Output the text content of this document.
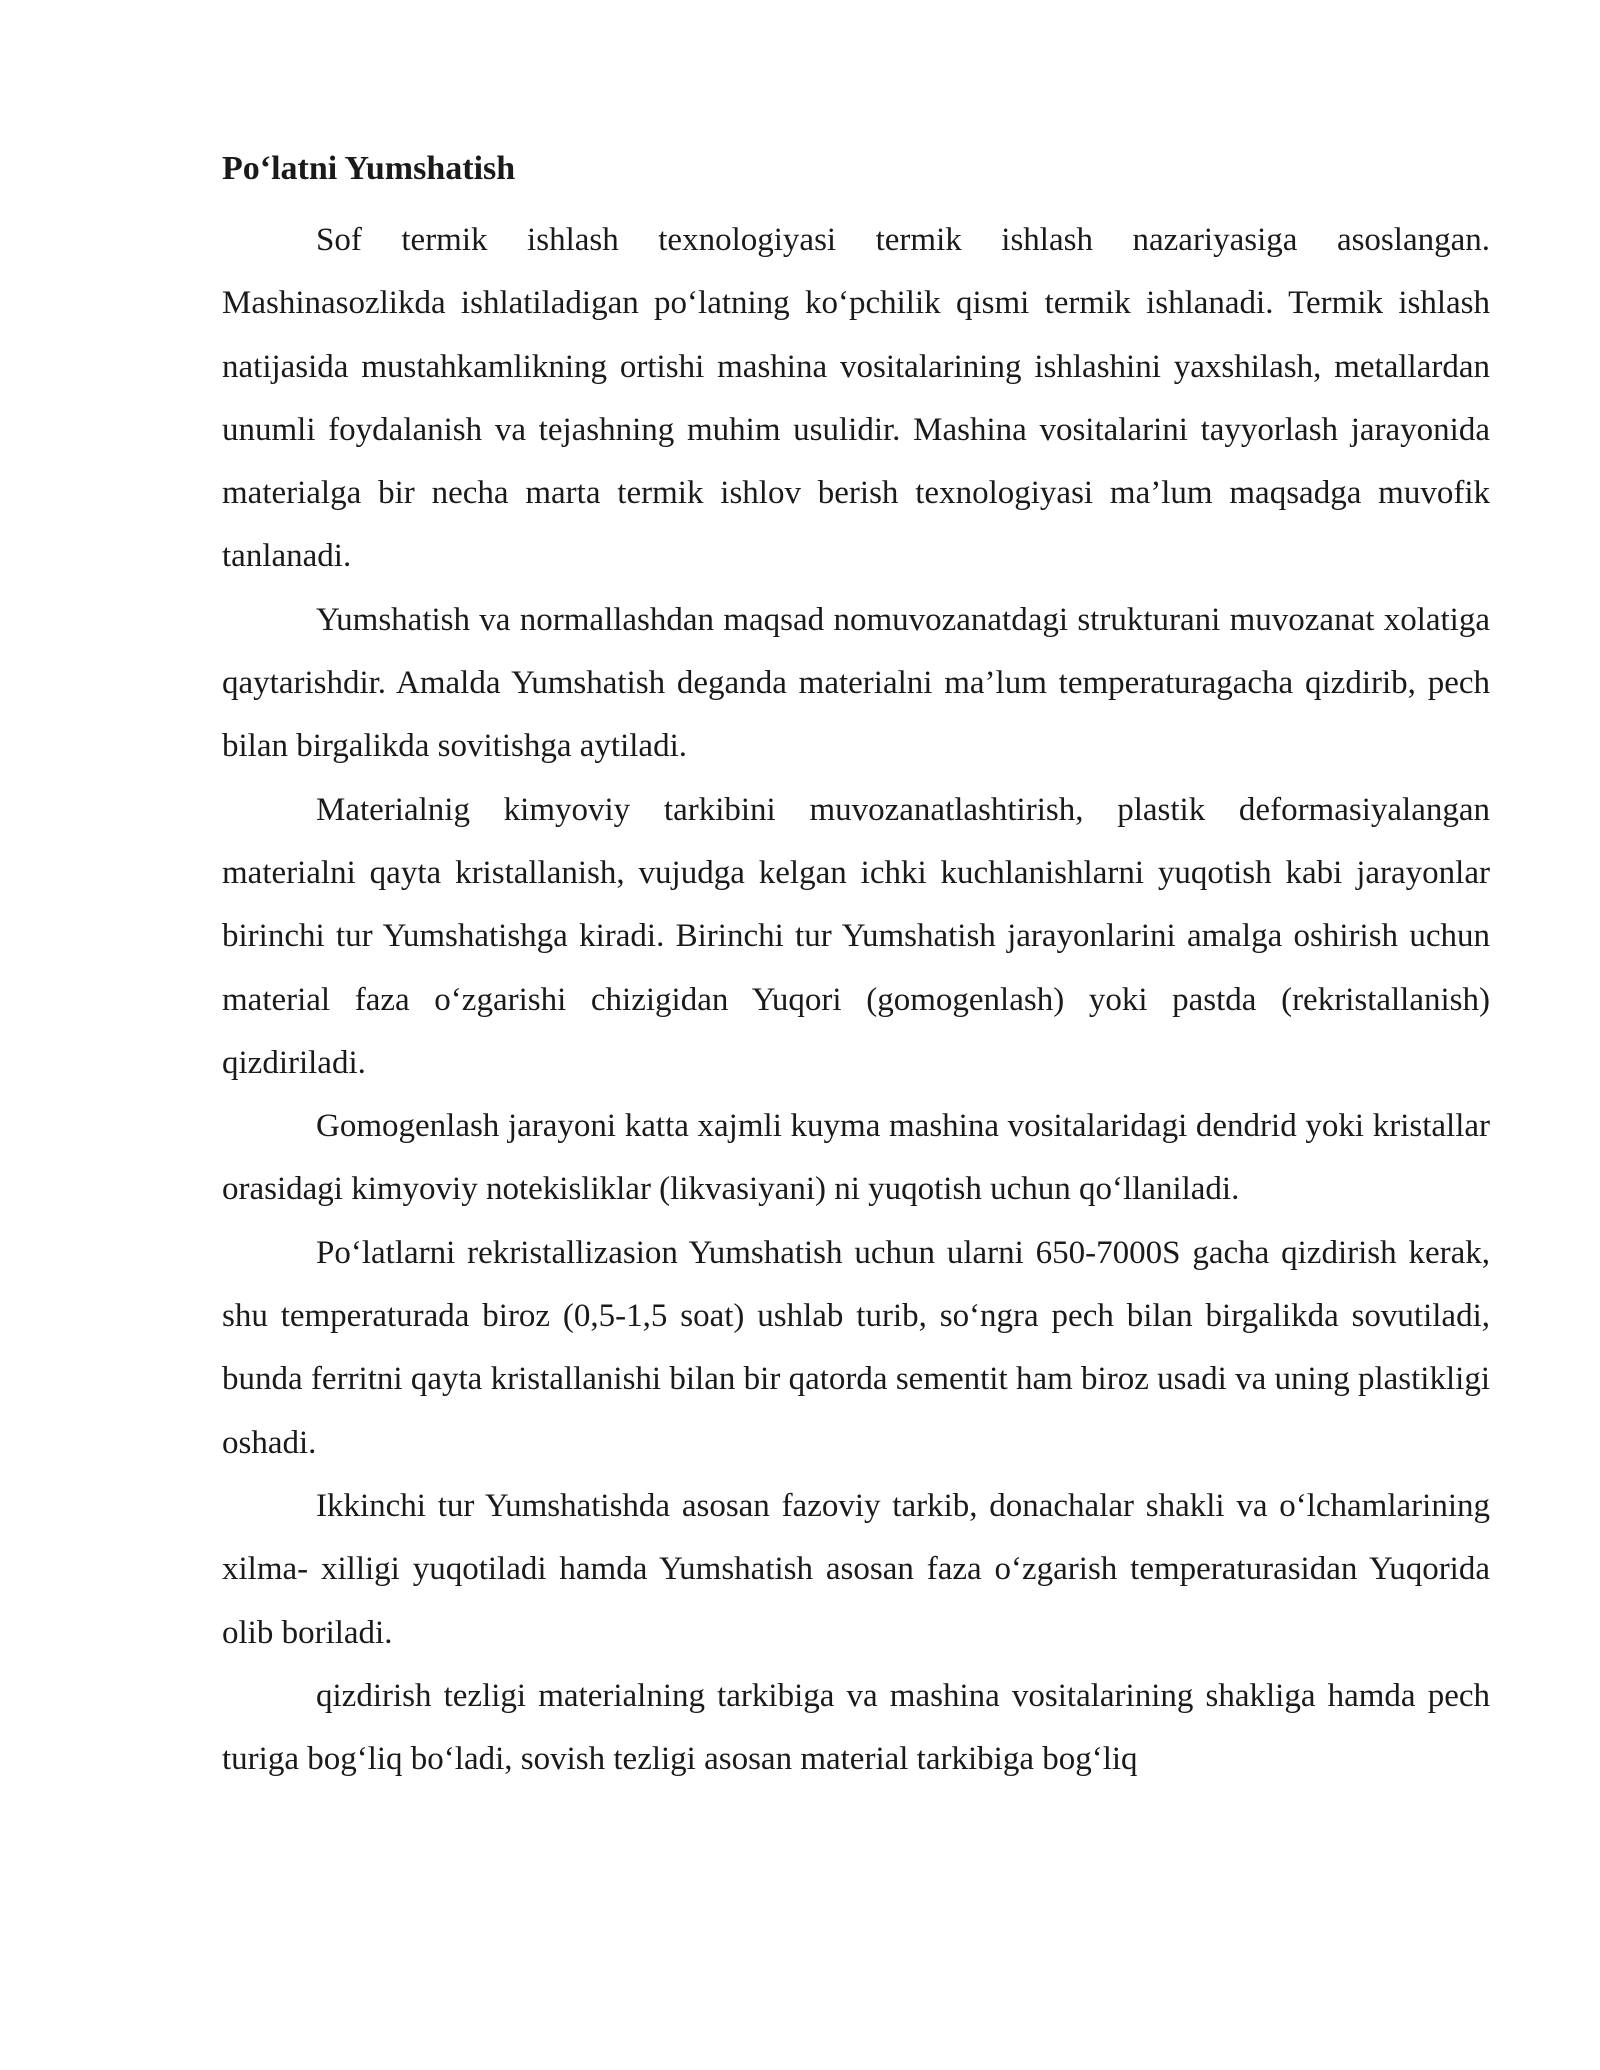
Po‘latni Yumshatish

Sof termik ishlash texnologiyasi termik ishlash nazariyasiga asoslangan. Mashinasozlikda ishlatiladigan po‘latning ko‘pchilik qismi termik ishlanadi. Termik ishlash natijasida mustahkamlikning ortishi mashina vositalarining ishlashini yaxshilash, metallardan unumli foydalanish va tejashning muhim usulidir. Mashina vositalarini tayyorlash jarayonida materialga bir necha marta termik ishlov berish texnologiyasi ma’lum maqsadga muvofik tanlanadi.

Yumshatish va normallashdan maqsad nomuvozanatdagi strukturani muvozanat xolatiga qaytarishdir. Amalda Yumshatish deganda materialni ma’lum temperaturagacha qizdirib, pech bilan birgalikda sovitishga aytiladi.

Materialnig kimyoviy tarkibini muvozanatlashtirish, plastik deformasiyalangan materialni qayta kristallanish, vujudga kelgan ichki kuchlanishlarni yuqotish kabi jarayonlar birinchi tur Yumshatishga kiradi. Birinchi tur Yumshatish jarayonlarini amalga oshirish uchun material faza o‘zgarishi chizigidan Yuqori (gomogenlash) yoki pastda (rekristallanish) qizdiriladi.

Gomogenlash jarayoni katta xajmli kuyma mashina vositalaridagi dendrid yoki kristallar orasidagi kimyoviy notekisliklar (likvasiyani) ni yuqotish uchun qo‘llaniladi.

Po‘latlarni rekristallizasion Yumshatish uchun ularni 650-7000S gacha qizdirish kerak, shu temperaturada biroz (0,5-1,5 soat) ushlab turib, so‘ngra pech bilan birgalikda sovutiladi, bunda ferritni qayta kristallanishi bilan bir qatorda sementit ham biroz usadi va uning plastikligi oshadi.

Ikkinchi tur Yumshatishda asosan fazoviy tarkib, donachalar shakli va o‘lchamlarining xilma- xilligi yuqotiladi hamda Yumshatish asosan faza o‘zgarish temperaturasidan Yuqorida olib boriladi.

qizdirish tezligi materialning tarkibiga va mashina vositalarining shakliga hamda pech turiga bog‘liq bo‘ladi, sovish tezligi asosan material tarkibiga bog‘liq
